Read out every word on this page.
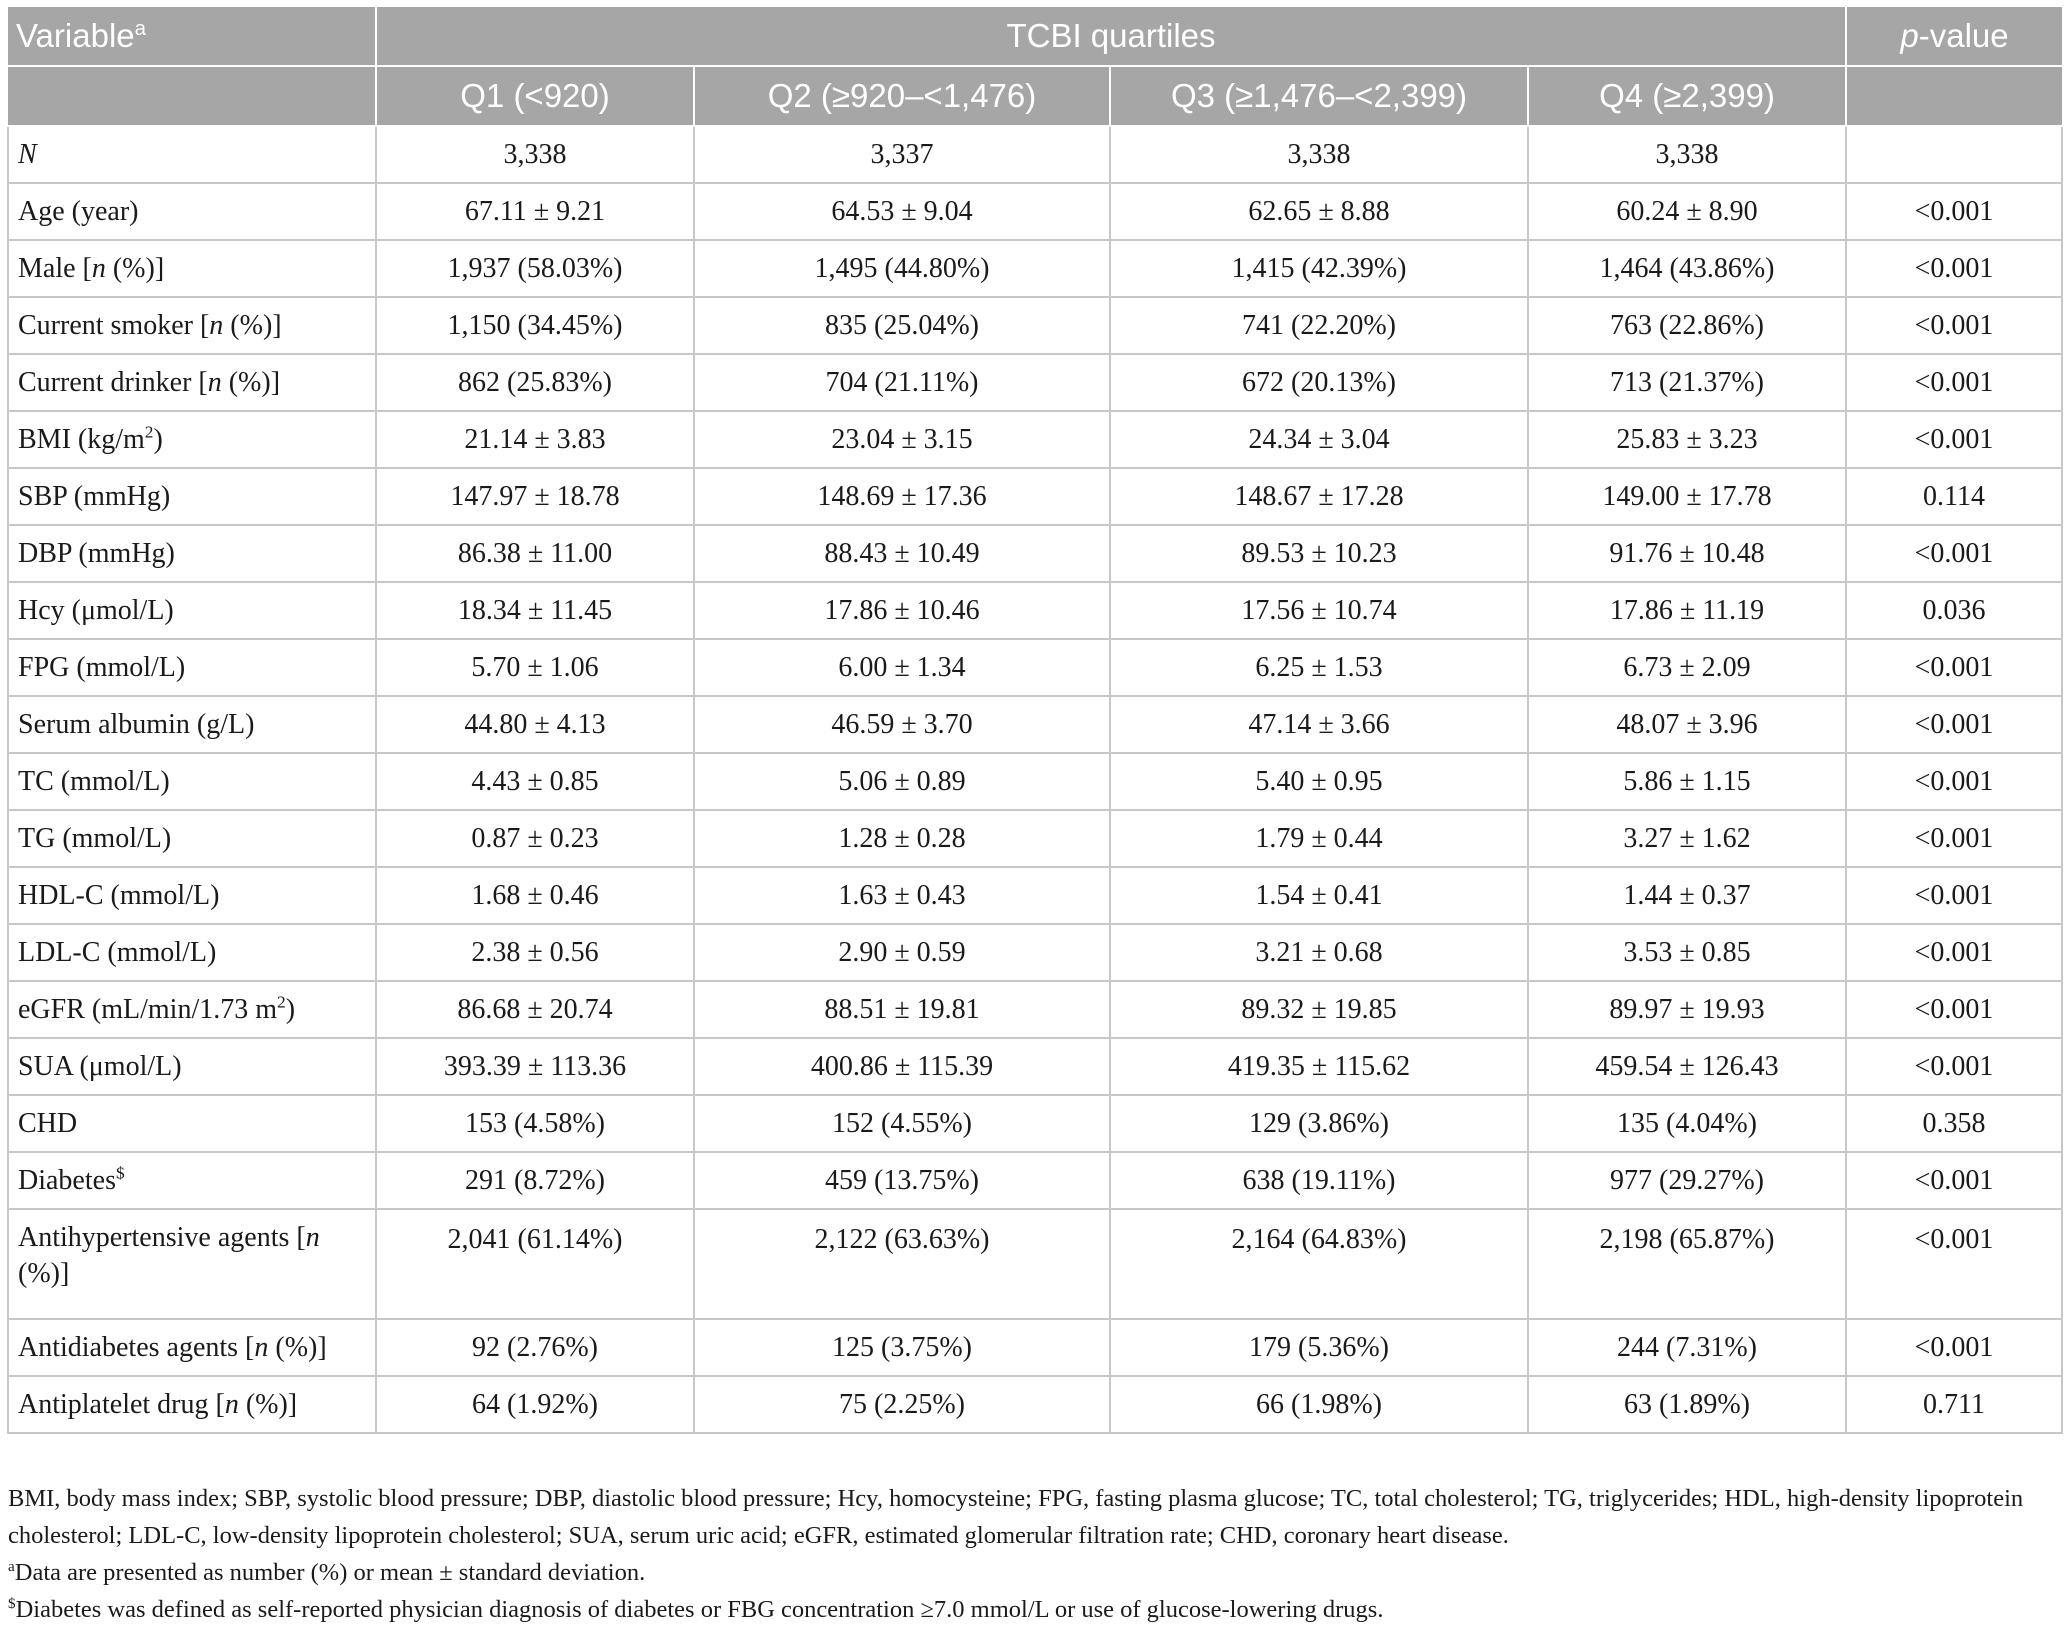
Variable$^a$	TCBI quartiles				p-value
	Q1 (<920)	Q2 (≥920–<1,476)	Q3 (≥1,476–<2,399)	Q4 (≥2,399)	
N	3,338	3,337	3,338	3,338	
Age (year)	67.11 ± 9.21	64.53 ± 9.04	62.65 ± 8.88	60.24 ± 8.90	<0.001
Male [n (%)]	1,937 (58.03%)	1,495 (44.80%)	1,415 (42.39%)	1,464 (43.86%)	<0.001
Current smoker [n (%)]	1,150 (34.45%)	835 (25.04%)	741 (22.20%)	763 (22.86%)	<0.001
Current drinker [n (%)]	862 (25.83%)	704 (21.11%)	672 (20.13%)	713 (21.37%)	<0.001
BMI $(kg/m^2)$	21.14 ± 3.83	23.04 ± 3.15	24.34 ± 3.04	25.83 ± 3.23	<0.001
SBP (mmHg)	147.97 ± 18.78	148.69 ± 17.36	148.67 ± 17.28	149.00 ± 17.78	0.114
DBP (mmHg)	86.38 ± 11.00	88.43 ± 10.49	89.53 ± 10.23	91.76 ± 10.48	<0.001
Hcy (μmol/L)	18.34 ± 11.45	17.86 ± 10.46	17.56 ± 10.74	17.86 ± 11.19	0.036
FPG (mmol/L)	5.70 ± 1.06	6.00 ± 1.34	6.25 ± 1.53	6.73 ± 2.09	<0.001
Serum albumin (g/L)	44.80 ± 4.13	46.59 ± 3.70	47.14 ± 3.66	48.07 ± 3.96	<0.001
TC (mmol/L)	4.43 ± 0.85	5.06 ± 0.89	5.40 ± 0.95	5.86 ± 1.15	<0.001
TG (mmol/L)	0.87 ± 0.23	1.28 ± 0.28	1.79 ± 0.44	3.27 ± 1.62	<0.001
HDL-C (mmol/L)	1.68 ± 0.46	1.63 ± 0.43	1.54 ± 0.41	1.44 ± 0.37	<0.001
LDL-C (mmol/L)	2.38 ± 0.56	2.90 ± 0.59	3.21 ± 0.68	3.53 ± 0.85	<0.001
eGFR (mL/min/1.73 $m^2$)	86.68 ± 20.74	88.51 ± 19.81	89.32 ± 19.85	89.97 ± 19.93	<0.001
SUA (μmol/L)	393.39 ± 113.36	400.86 ± 115.39	419.35 ± 115.62	459.54 ± 126.43	<0.001
CHD	153 (4.58%)	152 (4.55%)	129 (3.86%)	135 (4.04%)	0.358
Diabetes$	291 (8.72%)	459 (13.75%)	638 (19.11%)	977 (29.27%)	<0.001
Antihypertensive agents [n (%)]	2,041 (61.14%)	2,122 (63.63%)	2,164 (64.83%)	2,198 (65.87%)	<0.001
Antidiabetes agents [n (%)]	92 (2.76%)	125 (3.75%)	179 (5.36%)	244 (7.31%)	<0.001
Antiplatelet drug [n (%)]	64 (1.92%)	75 (2.25%)	66 (1.98%)	63 (1.89%)	0.711

BMI, body mass index; SBP, systolic blood pressure; DBP, diastolic blood pressure; Hcy, homocysteine; FPG, fasting plasma glucose; TC, total cholesterol; TG, triglycerides; HDL, high-density lipoprotein cholesterol; LDL-C, low-density lipoprotein cholesterol; SUA, serum uric acid; eGFR, estimated glomerular filtration rate; CHD, coronary heart disease.

$^a$Data are presented as number (%) or mean ± standard deviation.

$Diabetes was defined as self-reported physician diagnosis of diabetes or FBG concentration ≥7.0 mmol/L or use of glucose-lowering drugs.
